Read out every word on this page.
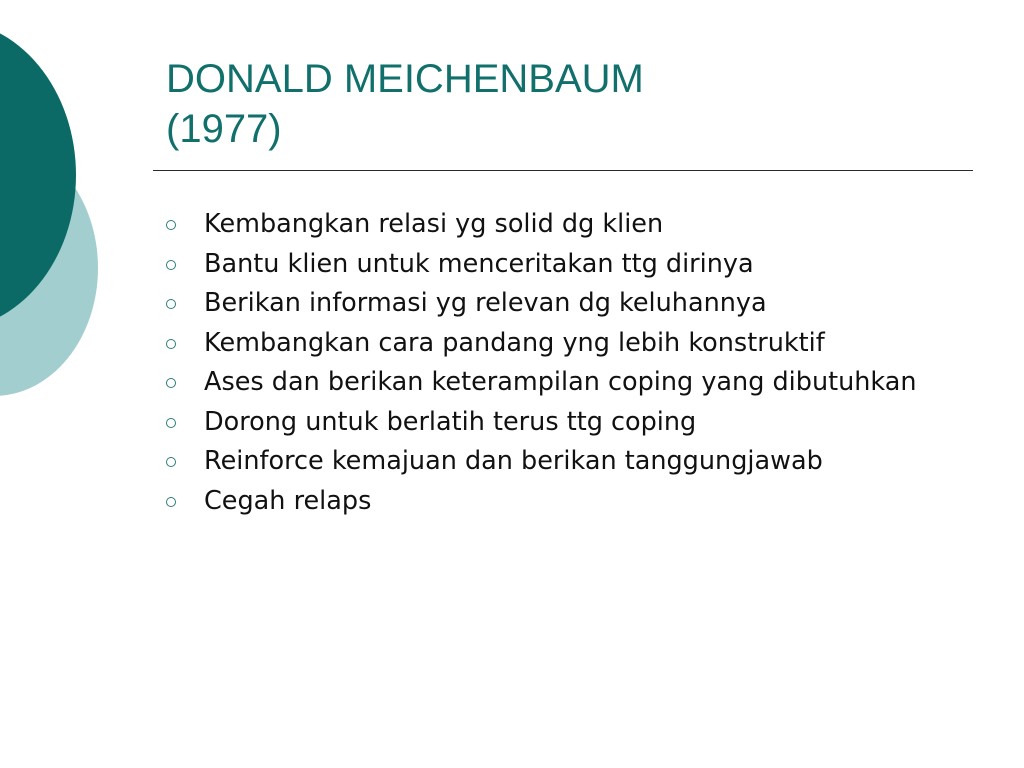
DONALD MEICHENBAUM
(1977)
Kembangkan relasi yg solid dg klien
Bantu klien untuk menceritakan ttg dirinya
Berikan informasi yg relevan dg keluhannya
Kembangkan cara pandang yng lebih konstruktif
Ases dan berikan keterampilan coping yang dibutuhkan
Dorong untuk berlatih terus ttg coping
Reinforce kemajuan dan berikan tanggungjawab
Cegah relaps
